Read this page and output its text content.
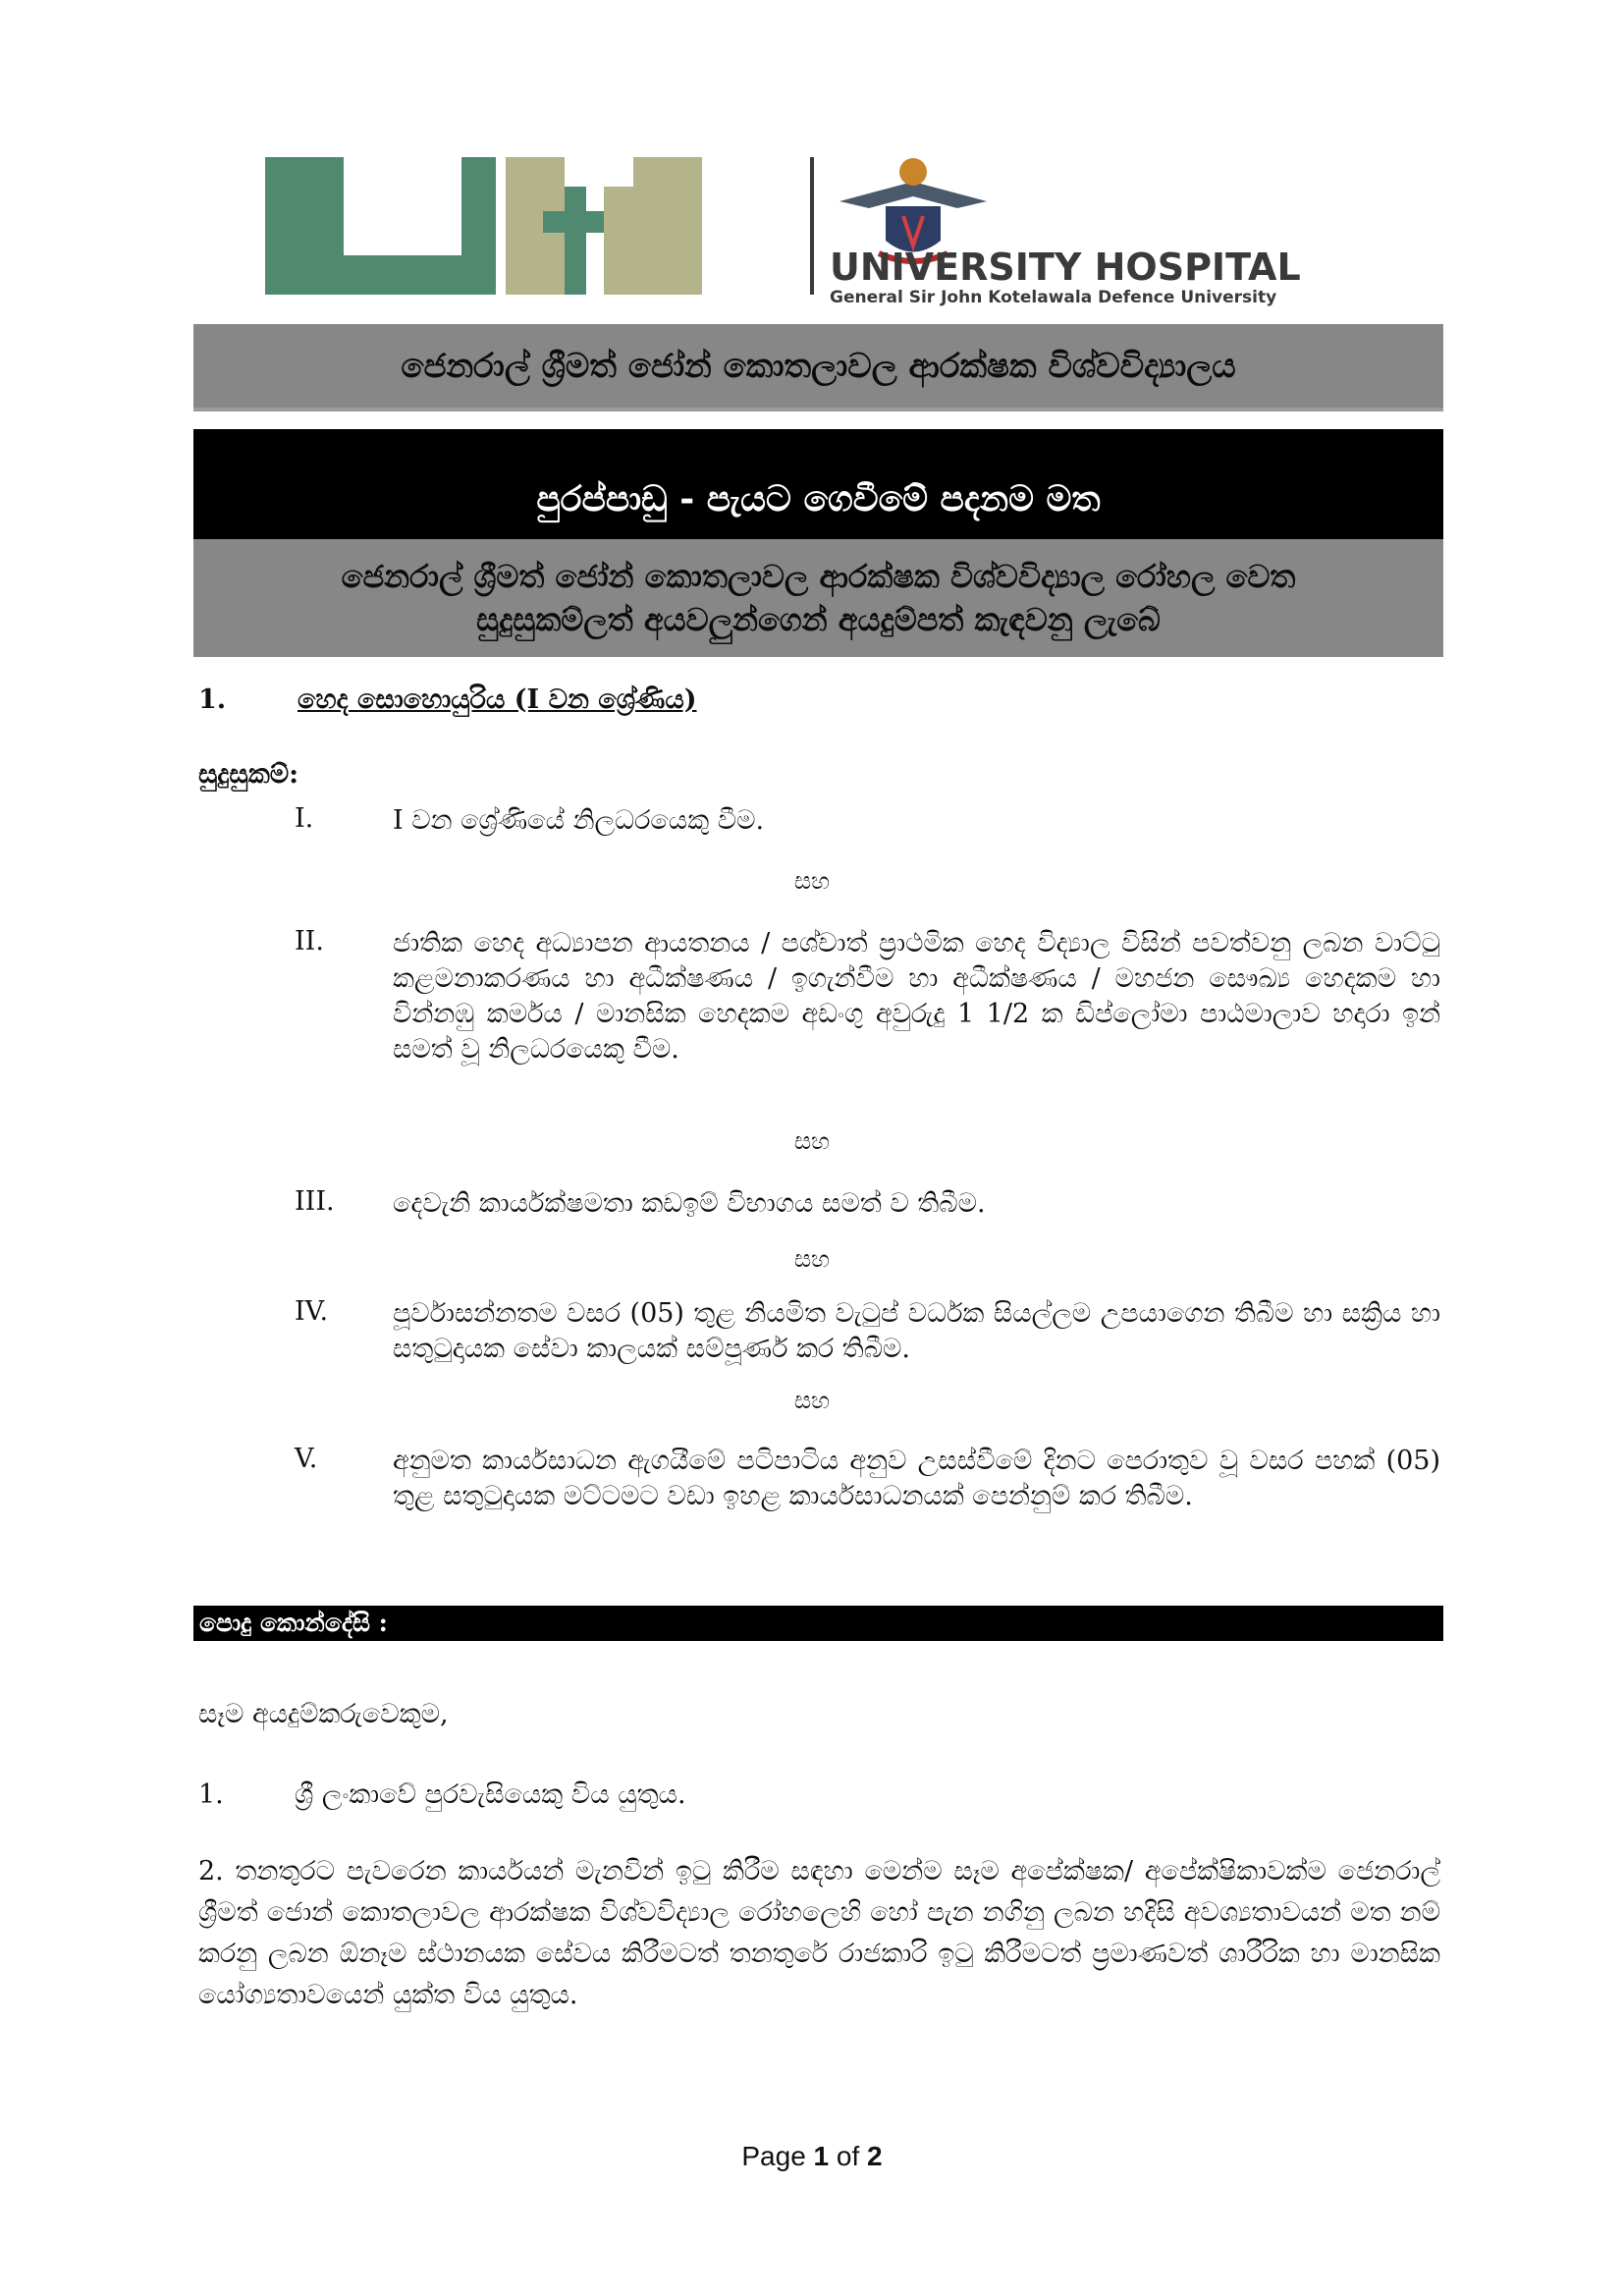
UNIVERSITY HOSPITAL
General Sir John Kotelawala Defence University
ජෙනරාල් ශ්‍රීමත් ජෝන් කොතලාවල ආරක්ෂක විශ්වවිද්‍යාලය
පුරප්පාඩු - පැයට ගෙවීමේ පදනම මත
ජෙනරාල් ශ්‍රීමත් ජෝන් කොතලාවල ආරක්ෂක විශ්වවිද්‍යාල රෝහල වෙත
සුදුසුකම්ලත් අයවලුන්ගෙන් අයදුම්පත් කැඳවනු ලැබේ
1.	හෙද සොහොයුරිය (I වන ශ්‍රේණිය)
සුදුසුකම්:
I.	I වන ශ්‍රේණියේ නිලධරයෙකු වීම.
සහ
II.	ජාතික හෙද අධ්‍යාපන ආයතනය / පශ්චාත් ප්‍රාථමික හෙද විද්‍යාල විසින් පවත්වනු ලබන වාට්ටු කළමනාකරණය හා අධීක්ෂණය / ඉගැන්වීම හා අධීක්ෂණය / මහජන සෞඛ්‍ය හෙදකම හා වින්නඹු කර්මය / මානසික හෙදකම අඩංගු අවුරුදු 1 1/2 ක ඩිප්ලෝමා පාඨමාලාව හදාරා ඉන් සමත් වූ නිලධරයෙකු වීම.
සහ
III. දෙවැනි කාර්යක්ෂමතා කඩඉම් විභාගය සමත් ව තිබීම.
සහ
IV. පූර්වාසන්නතම වසර (05) තුළ නියමිත වැටුප් වර්ධක සියල්ලම උපයාගෙන තිබීම හා සක්‍රිය හා සතුටුදායක සේවා කාලයක් සම්පූර්ණ කර තිබීම.
සහ
V.	අනුමත කාර්යසාධන ඇගයීමේ පටිපාටිය අනුව උසස්වීමේ දිනට පෙරාතුව වූ වසර පහක් (05) තුළ සතුටුදායක මට්ටමට වඩා ඉහළ කාර්යසාධනයක් පෙන්නුම් කර තිබීම.
පොදු කොන්දේසි :
සෑම අයදුම්කරුවෙකුම,
1.	ශ්‍රී ලංකාවේ පුරවැසියෙකු විය යුතුය.
2. තනතුරට පැවරෙන කාර්යයන් මැනවින් ඉටු කිරීම සඳහා මෙන්ම සෑම අපේක්ෂක/ අපේක්ෂිකාවක්ම ජෙනරාල් ශ්‍රීමත් ජොන් කොතලාවල ආරක්ෂක විශ්වවිද්‍යාල රෝහලෙහි හෝ පැන නගිනු ලබන හදිසි අවශ්‍යතාවයන් මත නම් කරනු ලබන ඕනෑම ස්ථානයක සේවය කිරීමටත් තනතුරේ රාජකාරි ඉටු කිරීමටත් ප්‍රමාණවත් ශාරීරික හා මානසික යෝග්‍යතාවයෙන් යුක්ත විය යුතුය.
Page 1 of 2
